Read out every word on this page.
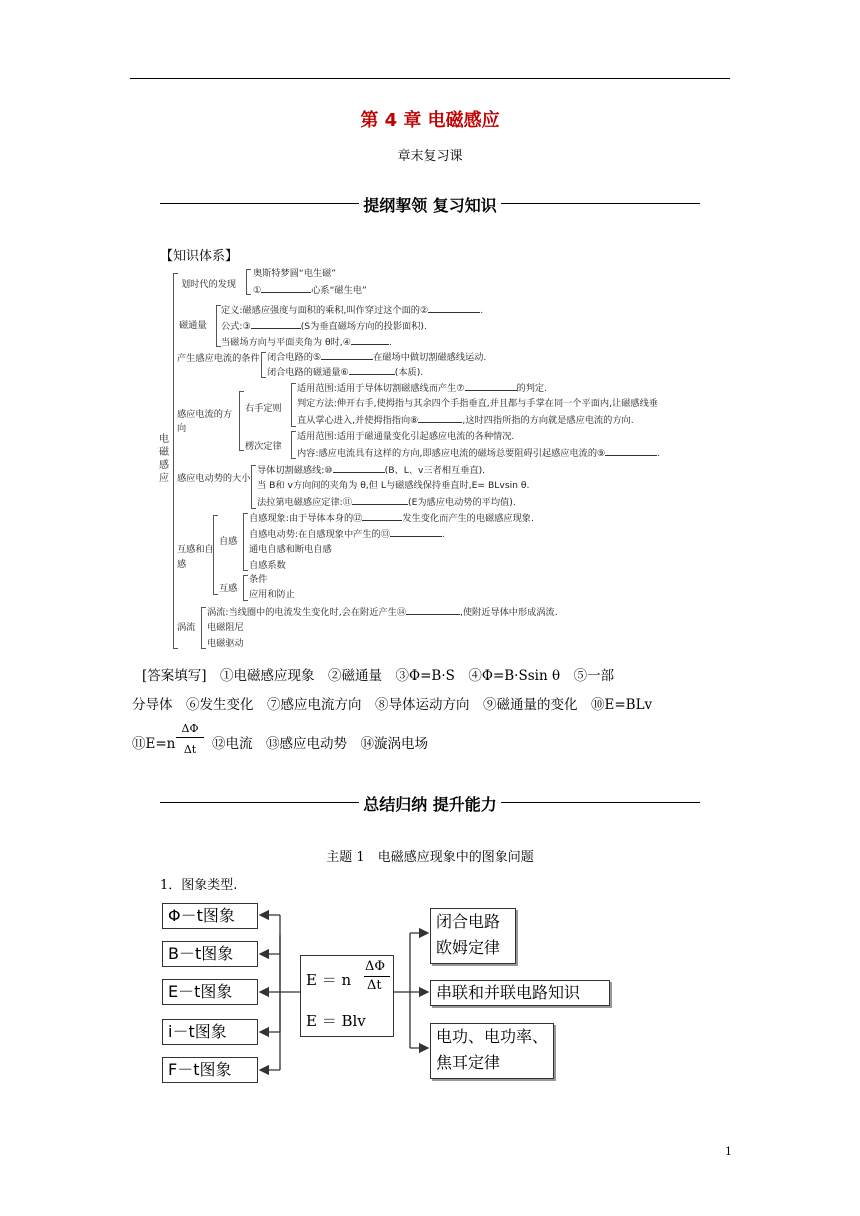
第 4 章 电磁感应
章末复习课
提纲挈领 复习知识
【知识体系】
电磁感应
划时代的发现
奥斯特梦圆“电生磁”
①	心系“磁生电”
磁通量
定义:磁感应强度与面积的乘积,叫作穿过这个面的②	.
公式:③	(S为垂直磁场方向的投影面积).
当磁场方向与平面夹角为 θ时,④	.
产生感应电流的条件 闭合电路的⑤	在磁场中做切割磁感线运动.
闭合电路的磁通量⑥	(本质).
感应电流的方向
右手定则
适用范围:适用于导体切割磁感线而产生⑦	的判定.
判定方法:伸开右手,使拇指与其余四个手指垂直,并且都与手掌在同一个平面内,让磁感线垂
直从掌心进入,并使拇指指向⑧	,这时四指所指的方向就是感应电流的方向.
楞次定律
适用范围:适用于磁通量变化引起感应电流的各种情况.
内容:感应电流具有这样的方向,即感应电流的磁场总要阻碍引起感应电流的⑨	.
感应电动势的大小
导体切割磁感线:⑩	(B、L、v三者相互垂直).
当 B和 v方向间的夹角为 θ,但 L与磁感线保持垂直时,E= BLvsin θ.
法拉第电磁感应定律:⑪	(E为感应电动势的平均值).
互感和自感
自感
自感现象:由于导体本身的⑫	发生变化而产生的电磁感应现象.
自感电动势:在自感现象中产生的⑬	.
通电自感和断电自感
自感系数
互感
条件
应用和防止
涡流
涡流:当线圈中的电流发生变化时,会在附近产生⑭	,使附近导体中形成涡流.
电磁阻尼
电磁驱动
[答案填写]　 ①电磁感应现象　②磁通量　③Φ=B·S　④Φ=B·Ssin θ　⑤一部
分导体　⑥发生变化　⑦感应电流方向　⑧导体运动方向　⑨磁通量的变化　⑩E=BLv
⑪E=n
ΔΦ
Δt	⑫电流　⑬感应电动势　⑭漩涡电场
总结归纳 提升能力
主题 1　电磁感应现象中的图象问题
1．图象类型.
Φ－t图象
B－t图象
E－t图象
i－t图象
F－t图象
E ＝ n
ΔΦ
Δt
E ＝ Blv
闭合电路
欧姆定律
串联和并联电路知识
电功、电功率、
焦耳定律
1
